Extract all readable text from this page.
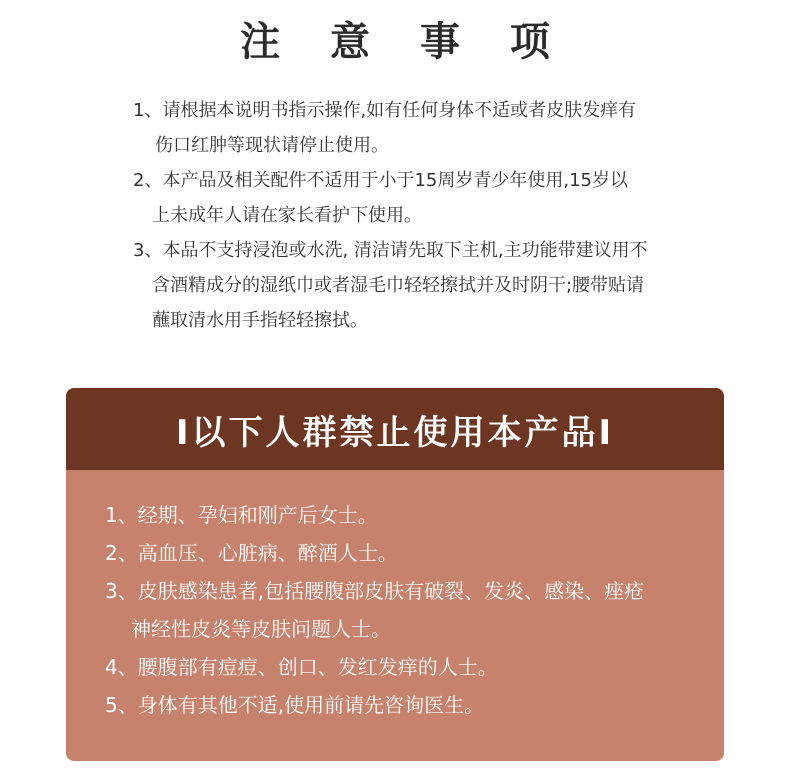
注 意 事 项

1、请根据本说明书指示操作,如有任何身体不适或者皮肤发痒有
伤口红肿等现状请停止使用。

2、本产品及相关配件不适用于小于15周岁青少年使用,15岁以
上未成年人请在家长看护下使用。

3、本品不支持浸泡或水洗, 清洁请先取下主机,主功能带建议用不
含酒精成分的湿纸巾或者湿毛巾轻轻擦拭并及时阴干;腰带贴请
蘸取清水用手指轻轻擦拭。

I以下人群禁止使用本产品I

1、经期、孕妇和刚产后女士。

2、高血压、心脏病、醉酒人士。

3、皮肤感染患者,包括腰腹部皮肤有破裂、发炎、感染、痤疮
神经性皮炎等皮肤问题人士。

4、腰腹部有痘痘、创口、发红发痒的人士。

5、身体有其他不适,使用前请先咨询医生。
